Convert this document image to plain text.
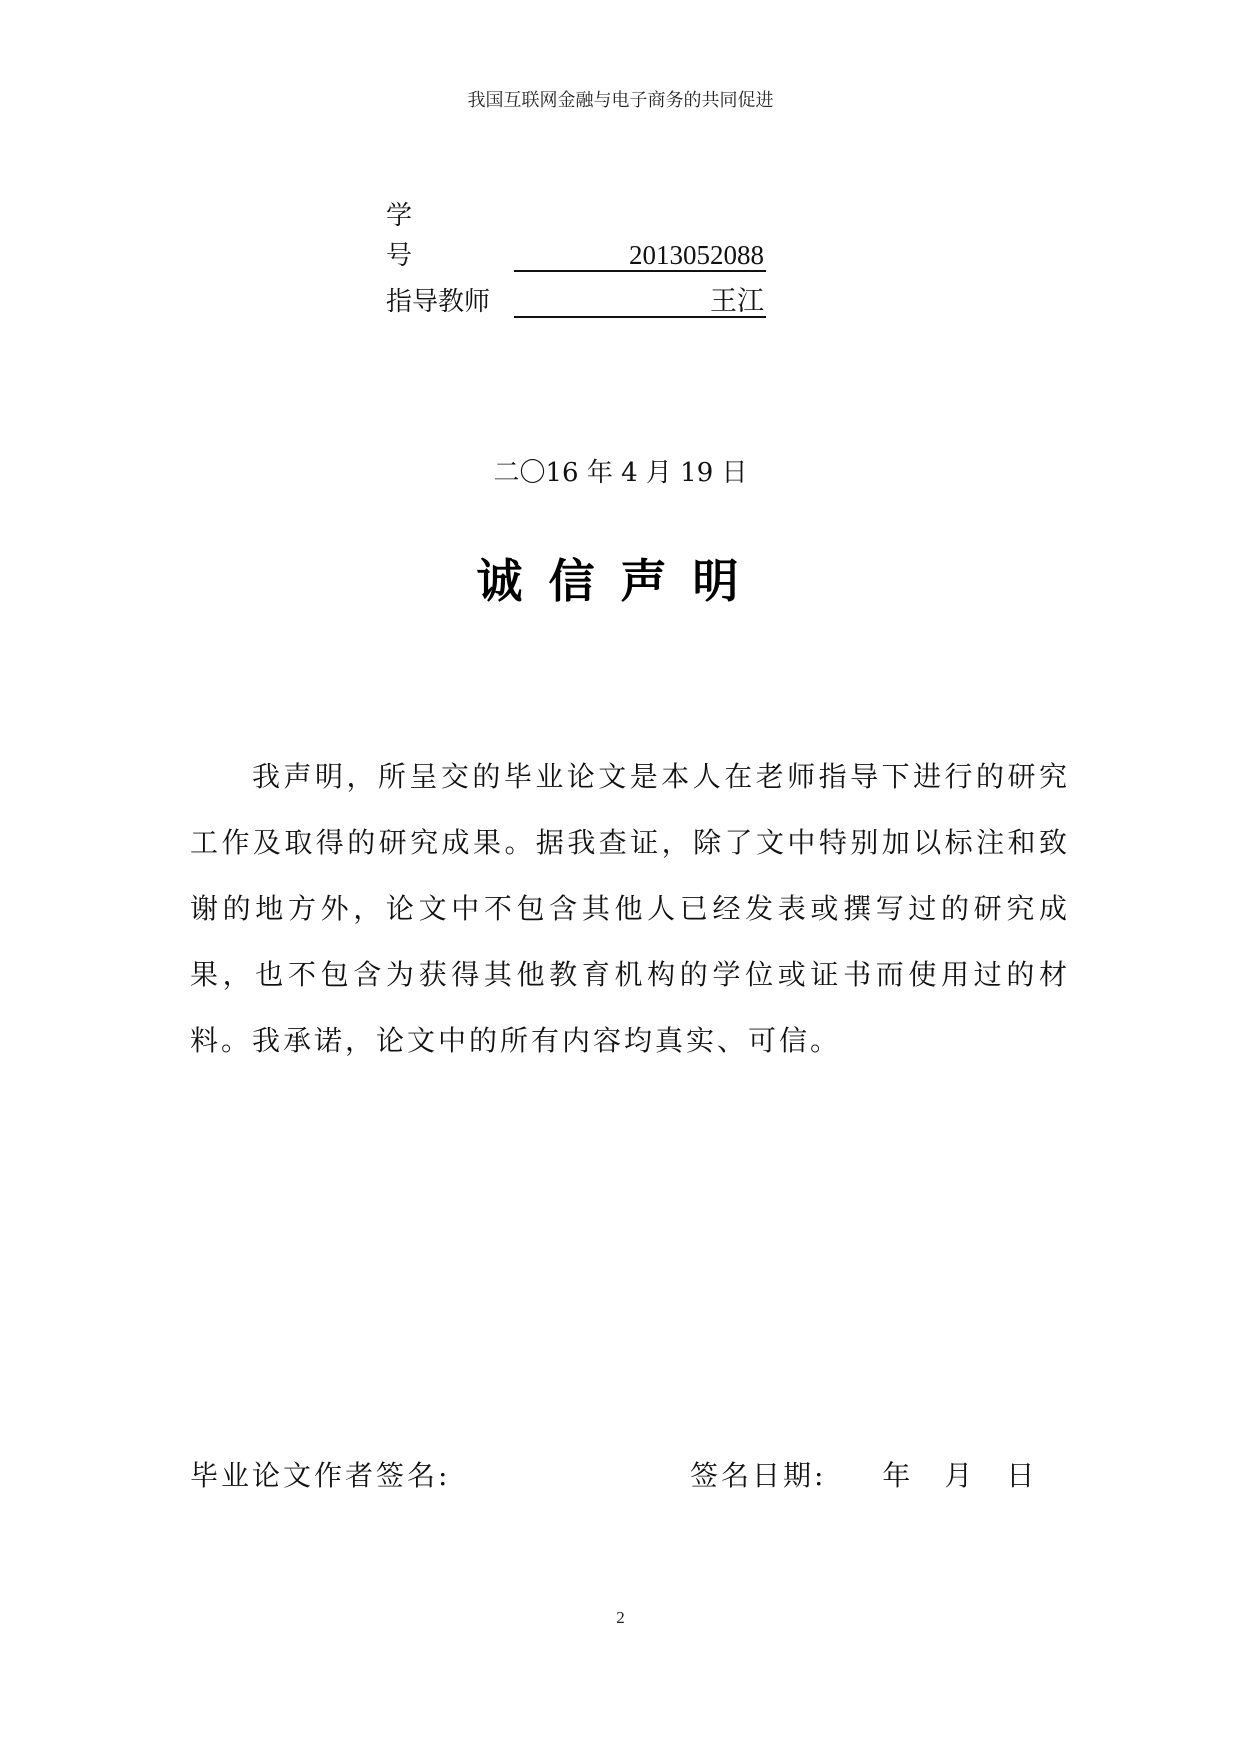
我国互联网金融与电子商务的共同促进
学号	2013052088
指导教师	王江
二〇16 年 4 月 19 日
诚信声明

我声明，所呈交的毕业论文是本人在老师指导下进行的研究工作及取得的研究成果。据我查证，除了文中特别加以标注和致谢的地方外，论文中不包含其他人已经发表或撰写过的研究成果，也不包含为获得其他教育机构的学位或证书而使用过的材料。我承诺，论文中的所有内容均真实、可信。

毕业论文作者签名:	签名日期: 年 月 日
2
